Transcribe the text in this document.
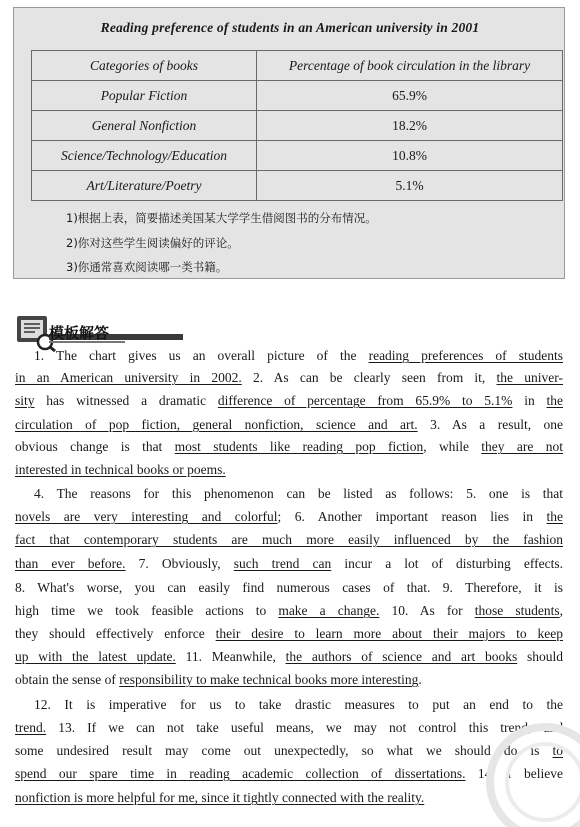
Reading preference of students in an American university in 2001
Categories of books	Percentage of book circulation in the library
Popular Fiction	65.9%
General Nonfiction	18.2%
Science/Technology/Education	10.8%
Art/Literature/Poetry	5.1%
1)根据上表，简要描述美国某大学学生借阅图书的分布情况。
2)你对这些学生阅读偏好的评论。
3)你通常喜欢阅读哪一类书籍。
模板解答
1. The chart gives us an overall picture of the reading preferences of students
in an American university in 2002. 2. As can be clearly seen from it, the univer-
sity has witnessed a dramatic difference of percentage from 65.9% to 5.1% in the
circulation of pop fiction, general nonfiction, science and art. 3. As a result, one
obvious change is that most students like reading pop fiction, while they are not
interested in technical books or poems.
4. The reasons for this phenomenon can be listed as follows: 5. one is that
novels are very interesting and colorful; 6. Another important reason lies in the
fact that contemporary students are much more easily influenced by the fashion
than ever before. 7. Obviously, such trend can incur a lot of disturbing effects.
8. What's worse, you can easily find numerous cases of that. 9. Therefore, it is
high time we took feasible actions to make a change. 10. As for those students,
they should effectively enforce their desire to learn more about their majors to keep
up with the latest update. 11. Meanwhile, the authors of science and art books should
obtain the sense of responsibility to make technical books more interesting.
12. It is imperative for us to take drastic measures to put an end to the
trend. 13. If we can not take useful means, we may not control this trend, and
some undesired result may come out unexpectedly, so what we should do is to
spend our spare time in reading academic collection of dissertations. 14. I believe
nonfiction is more helpful for me, since it tightly connected with the reality.
